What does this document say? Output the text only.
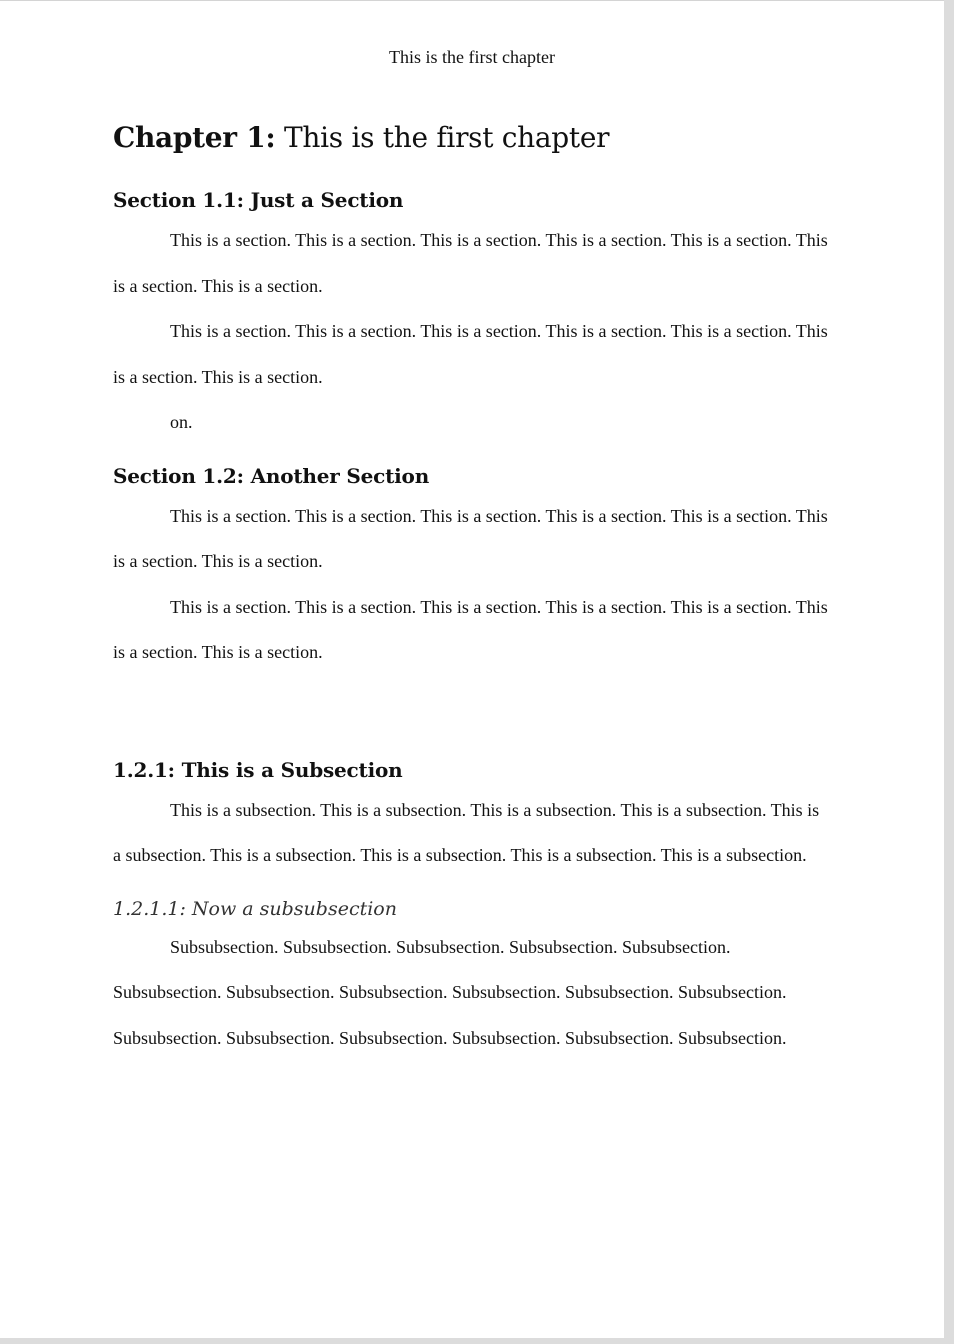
This is the first chapter
Chapter 1: This is the first chapter
Section 1.1: Just a Section

This is a section. This is a section. This is a section. This is a section. This is a section. This is a section. This is a section.

This is a section. This is a section. This is a section. This is a section. This is a section. This is a section. This is a section.

on.

Section 1.2: Another Section

This is a section. This is a section. This is a section. This is a section. This is a section. This is a section. This is a section.

This is a section. This is a section. This is a section. This is a section. This is a section. This is a section. This is a section.

1.2.1: This is a Subsection

This is a subsection. This is a subsection. This is a subsection. This is a subsection. This is a subsection. This is a subsection. This is a subsection. This is a subsection. This is a subsection.

1.2.1.1: Now a subsubsection

Subsubsection. Subsubsection. Subsubsection. Subsubsection. Subsubsection. Subsubsection. Subsubsection. Subsubsection. Subsubsection. Subsubsection. Subsubsection. Subsubsection. Subsubsection. Subsubsection. Subsubsection. Subsubsection. Subsubsection.
